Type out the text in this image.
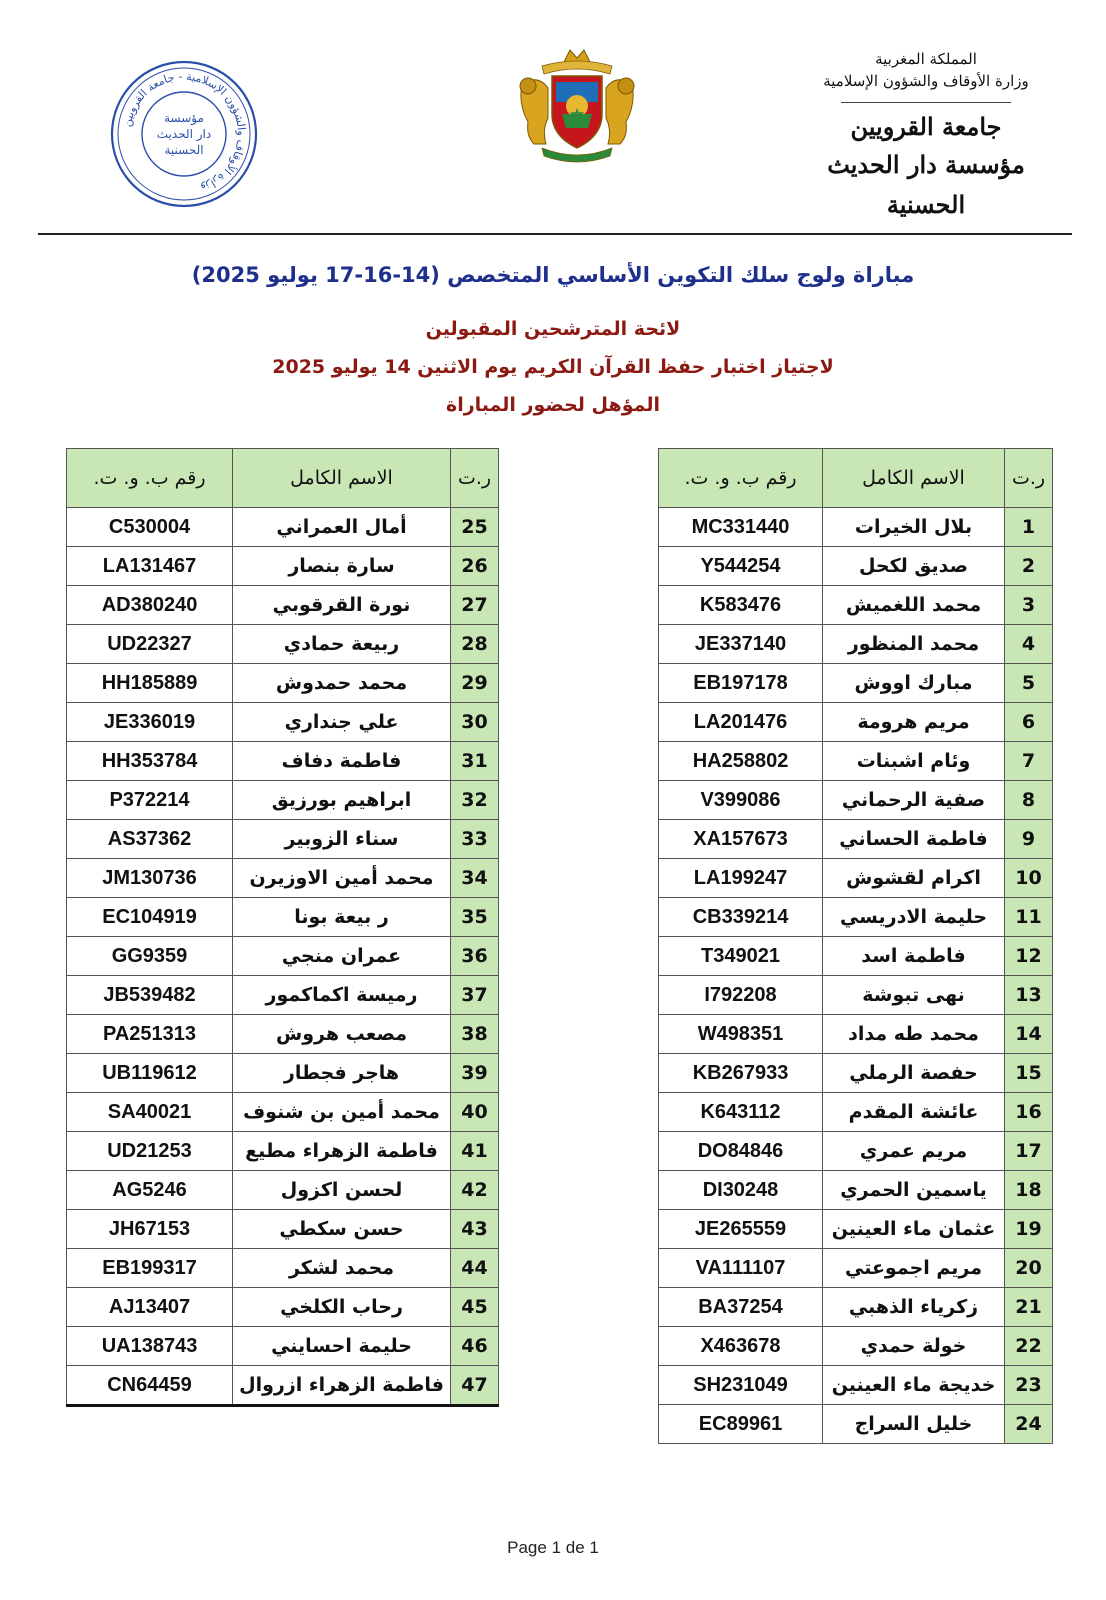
المملكة المغربية
وزارة الأوقاف والشؤون الإسلامية
جامعة القرويين
مؤسسة دار الحديث الحسنية
وزارة الأوقاف والشؤون الإسلامية - جامعة القرويين
مؤسسة
دار الحديث
الحسنية
مباراة ولوج سلك التكوين الأساسي المتخصص (14-16-17 يوليو 2025)
لائحة المترشحين المقبولين
لاجتياز اختبار حفظ القرآن الكريم يوم الاثنين 14 يوليو 2025
المؤهل لحضور المباراة
ر.ت	الاسم الكامل	رقم ب. و. ت.
1	بلال الخيرات	MC331440
2	صديق لكحل	Y544254
3	محمد اللغميش	K583476
4	محمد المنظور	JE337140
5	مبارك اووش	EB197178
6	مريم هرومة	LA201476
7	وئام اشبنات	HA258802
8	صفية الرحماني	V399086
9	فاطمة الحساني	XA157673
10	اكرام لقشوش	LA199247
11	حليمة الادريسي	CB339214
12	فاطمة اسد	T349021
13	نهى تبوشة	I792208
14	محمد طه مداد	W498351
15	حفصة الرملي	KB267933
16	عائشة المقدم	K643112
17	مريم عمري	DO84846
18	ياسمين الحمري	DI30248
19	عثمان ماء العينين	JE265559
20	مريم اجموعتي	VA111107
21	زكرياء الذهبي	BA37254
22	خولة حمدي	X463678
23	خديجة ماء العينين	SH231049
24	خليل السراج	EC89961
ر.ت	الاسم الكامل	رقم ب. و. ت.
25	أمال العمراني	C530004
26	سارة بنصار	LA131467
27	نورة القرقوبي	AD380240
28	ربيعة حمادي	UD22327
29	محمد حمدوش	HH185889
30	علي جنداري	JE336019
31	فاطمة دفاف	HH353784
32	ابراهيم بورزيق	P372214
33	سناء الزوبير	AS37362
34	محمد أمين الاوزيرن	JM130736
35	ر بيعة بونا	EC104919
36	عمران منجي	GG9359
37	رميسة اكماكمور	JB539482
38	مصعب هروش	PA251313
39	هاجر فجطار	UB119612
40	محمد أمين بن شنوف	SA40021
41	فاطمة الزهراء مطيع	UD21253
42	لحسن اكزول	AG5246
43	حسن سكطي	JH67153
44	محمد لشكر	EB199317
45	رحاب الكلخي	AJ13407
46	حليمة احسايني	UA138743
47	فاطمة الزهراء ازروال	CN64459
Page 1 de 1
